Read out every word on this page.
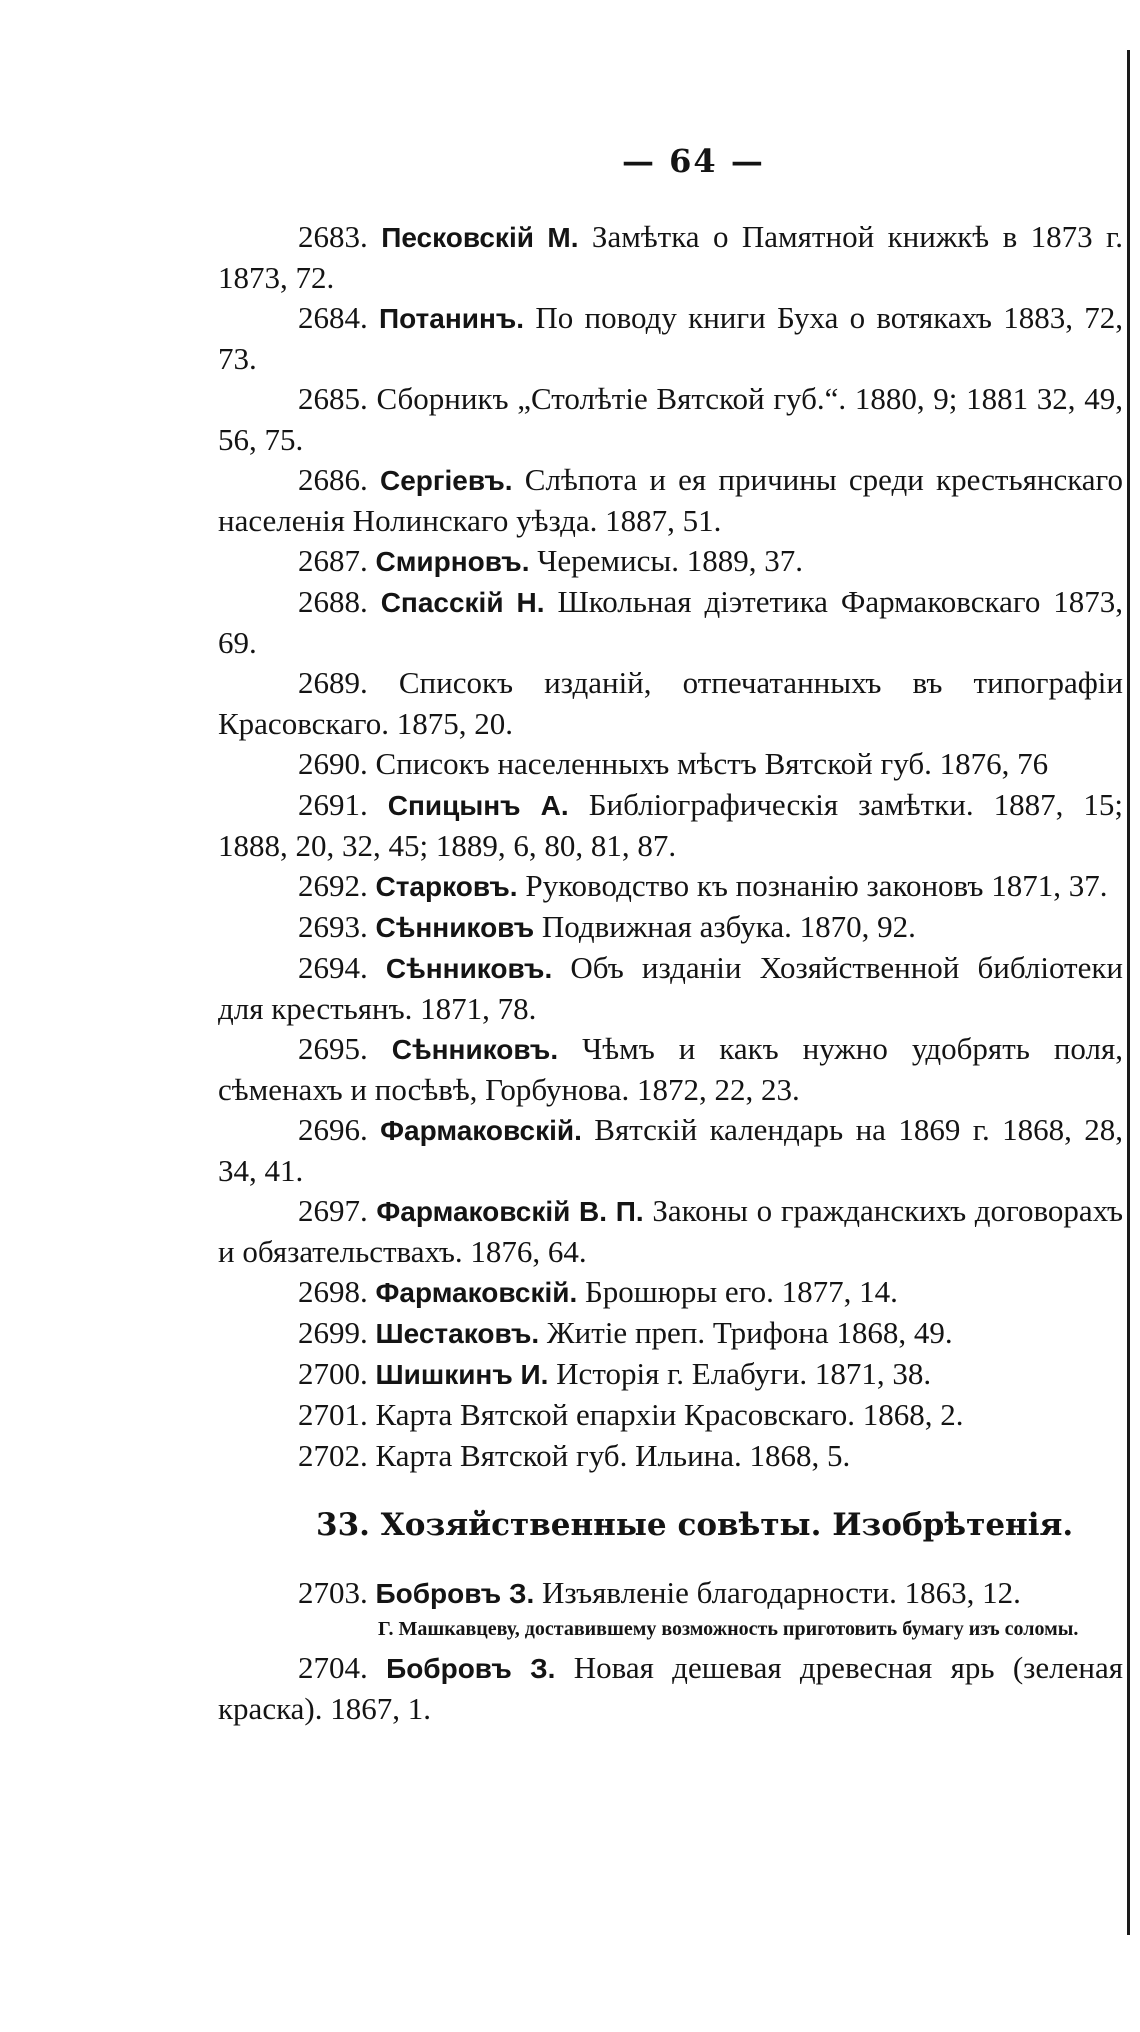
— 64 —
2683. Песковскій М. Замѣтка о Памятной книжкѣ в 1873 г. 1873, 72.
2684. Потанинъ. По поводу книги Буха о вотякахъ 1883, 72, 73.
2685. Сборникъ „Столѣтіе Вятской губ.“. 1880, 9; 1881 32, 49, 56, 75.
2686. Сергіевъ. Слѣпота и ея причины среди крестьянскаго населенія Нолинскаго уѣзда. 1887, 51.
2687. Смирновъ. Черемисы. 1889, 37.
2688. Спасскій Н. Школьная діэтетика Фармаковскаго 1873, 69.
2689. Списокъ изданій, отпечатанныхъ въ типографіи Красовскаго. 1875, 20.
2690. Списокъ населенныхъ мѣстъ Вятской губ. 1876, 76
2691. Спицынъ А. Библіографическія замѣтки. 1887, 15; 1888, 20, 32, 45; 1889, 6, 80, 81, 87.
2692. Старковъ. Руководство къ познанію законовъ 1871, 37.
2693. Сѣнниковъ Подвижная азбука. 1870, 92.
2694. Сѣнниковъ. Объ изданіи Хозяйственной библіотеки для крестьянъ. 1871, 78.
2695. Сѣнниковъ. Чѣмъ и какъ нужно удобрять поля, сѣменахъ и посѣвѣ, Горбунова. 1872, 22, 23.
2696. Фармаковскій. Вятскій календарь на 1869 г. 1868, 28, 34, 41.
2697. Фармаковскій В. П. Законы о гражданскихъ договорахъ и обязательствахъ. 1876, 64.
2698. Фармаковскій. Брошюры его. 1877, 14.
2699. Шестаковъ. Житіе преп. Трифона 1868, 49.
2700. Шишкинъ И. Исторія г. Елабуги. 1871, 38.
2701. Карта Вятской епархіи Красовскаго. 1868, 2.
2702. Карта Вятской губ. Ильина. 1868, 5.
33. Хозяйственные совѣты. Изобрѣтенія.
2703. Бобровъ З. Изъявленіе благодарности. 1863, 12.
Г. Машкавцеву, доставившему возможность приготовить бумагу изъ соломы.
2704. Бобровъ З. Новая дешевая древесная ярь (зеленая краска). 1867, 1.
